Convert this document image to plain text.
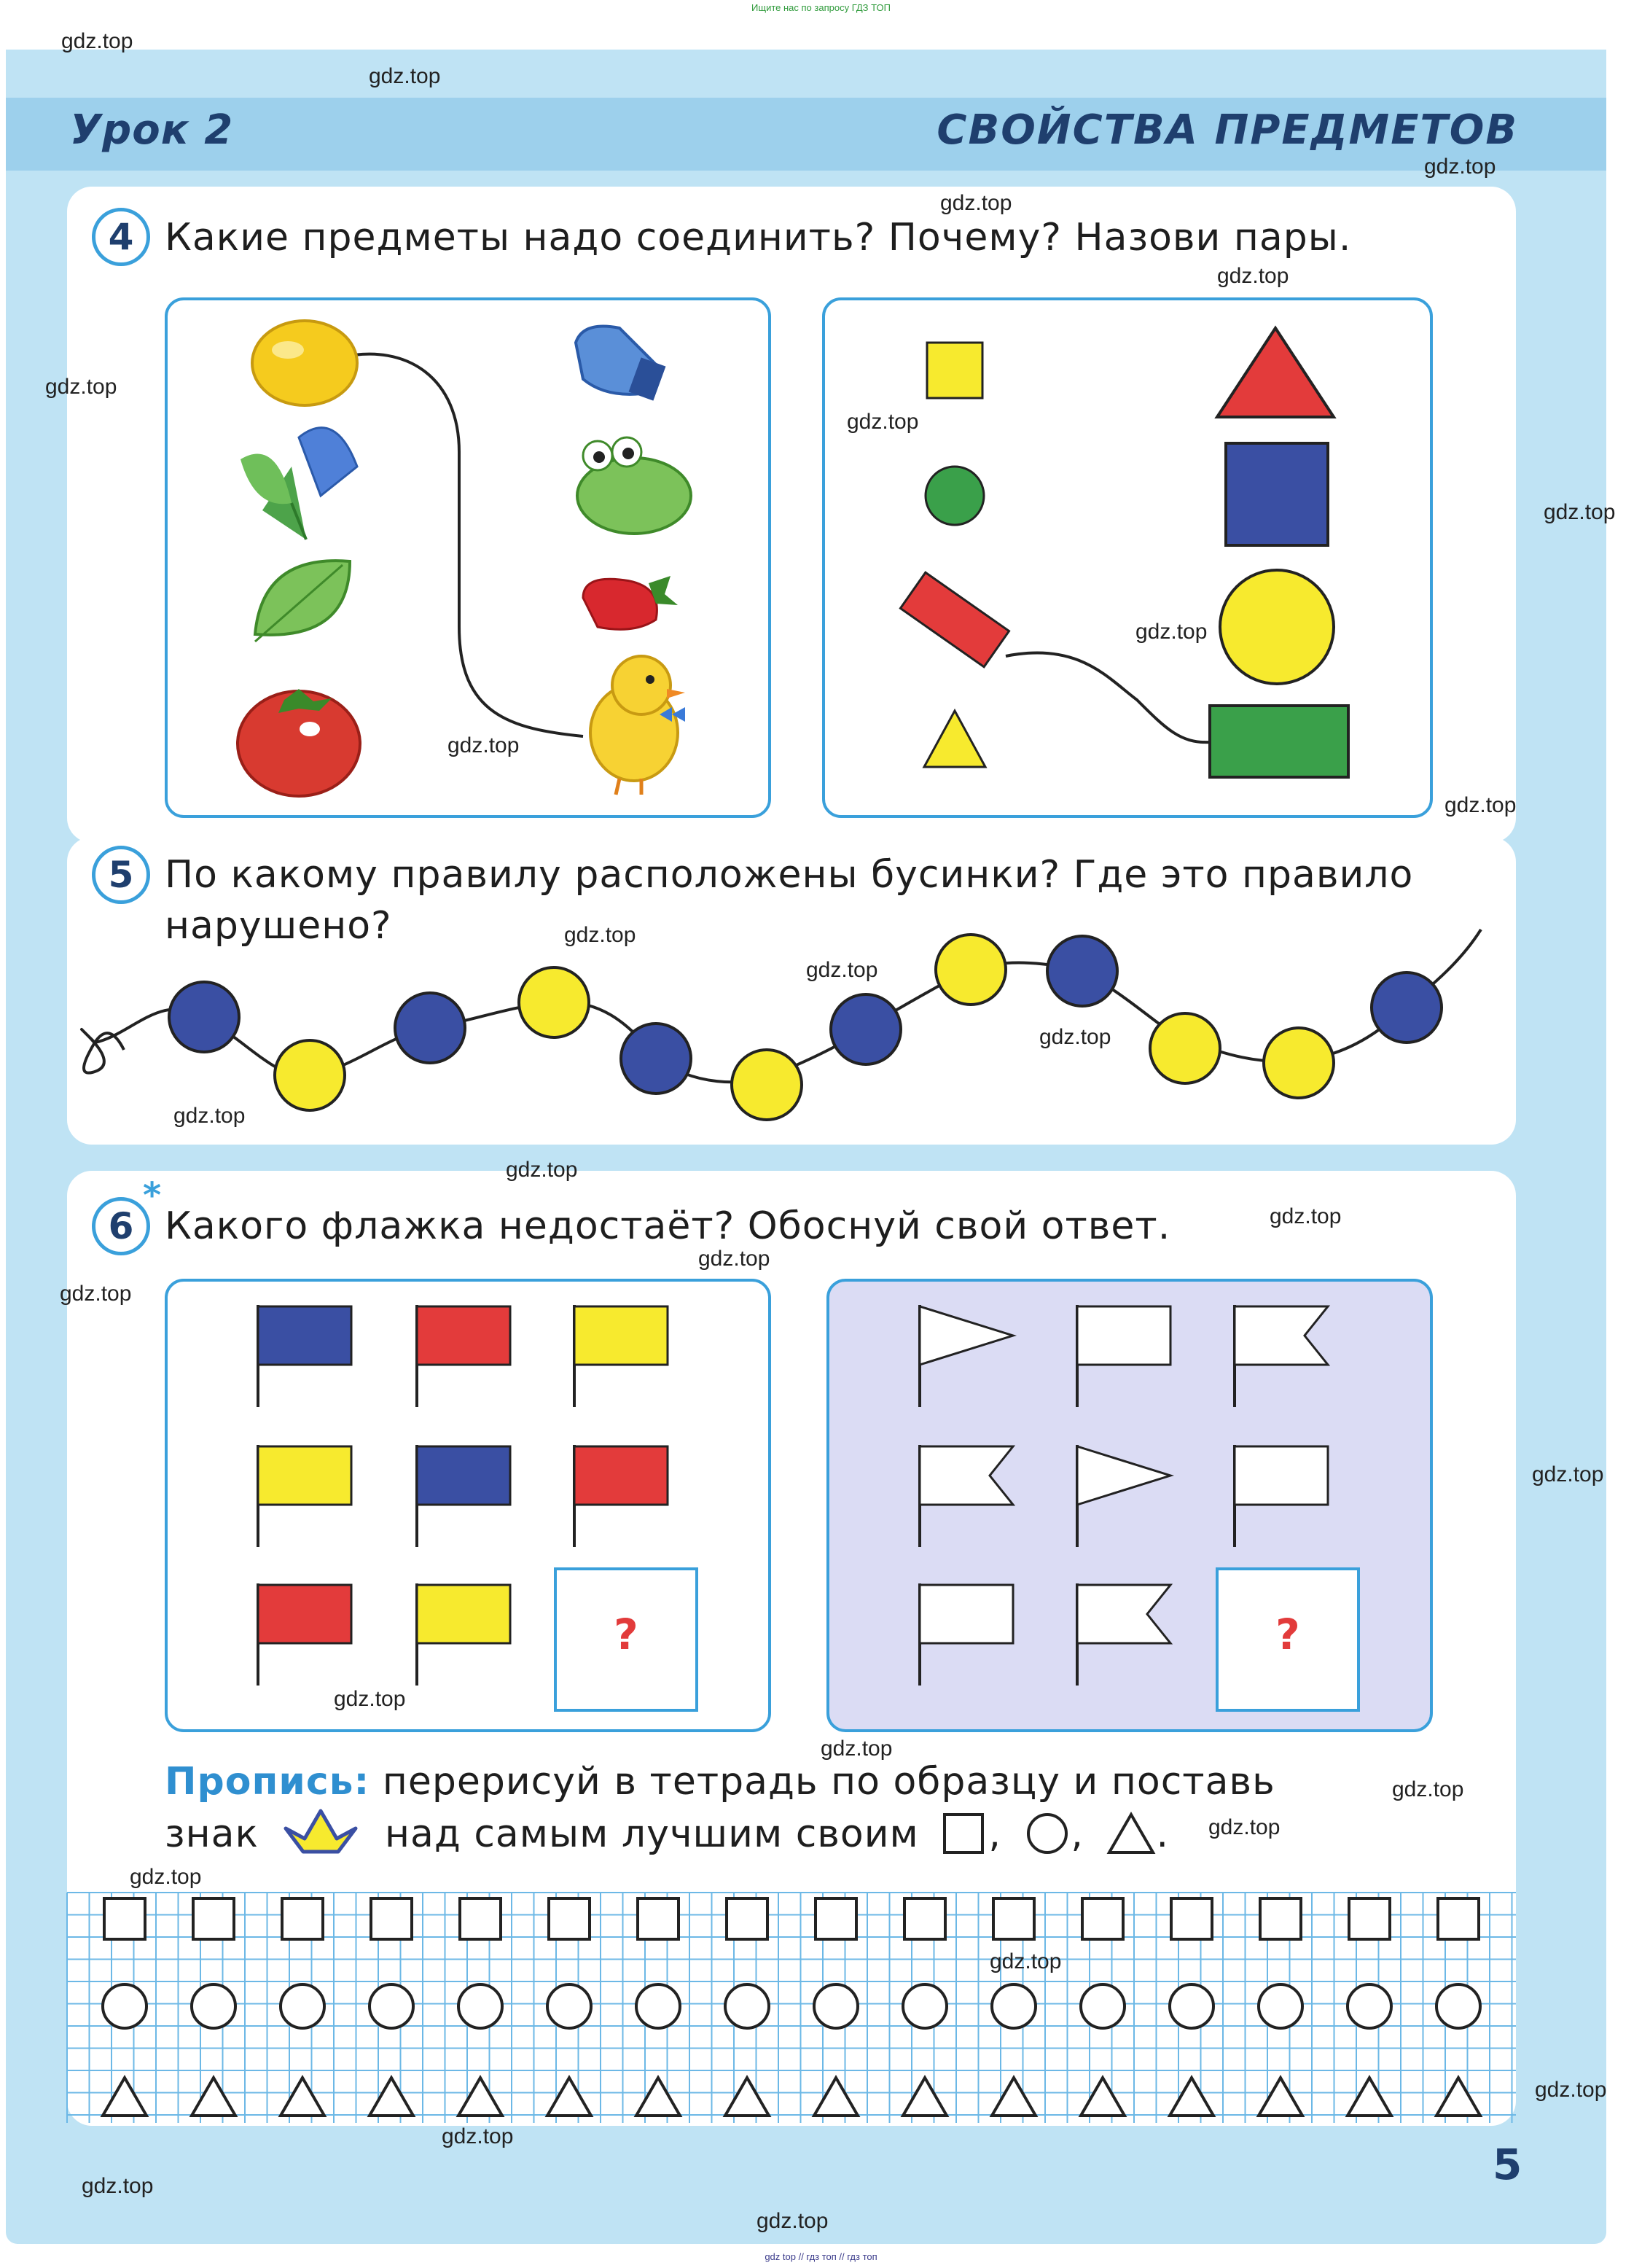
Ищите нас по запросу ГДЗ ТОП
Урок 2	СВОЙСТВА ПРЕДМЕТОВ
4 Какие предметы надо соединить? Почему? Назови пары.
5 По какому правилу расположены бусинки? Где это правило
нарушено?
6
*
Какого флажка недостаёт? Обоснуй свой ответ.
?	?
Пропись: перерисуй в тетрадь по образцу и поставь
знак	над самым лучшим своим , , .
5
gdz.top
gdz.top
gdz.top
gdz.top
gdz.top
gdz.top
gdz.top
gdz.top
gdz.top
gdz.top
gdz.top
gdz.top
gdz.top
gdz.top
gdz.top
gdz.top
gdz.top
gdz.top
gdz.top
gdz.top
gdz.top
gdz.top
gdz.top
gdz.top
gdz.top
gdz.top
gdz.top
gdz.top
gdz.top
gdz.top
gdz top // гдз топ // гдз топ
